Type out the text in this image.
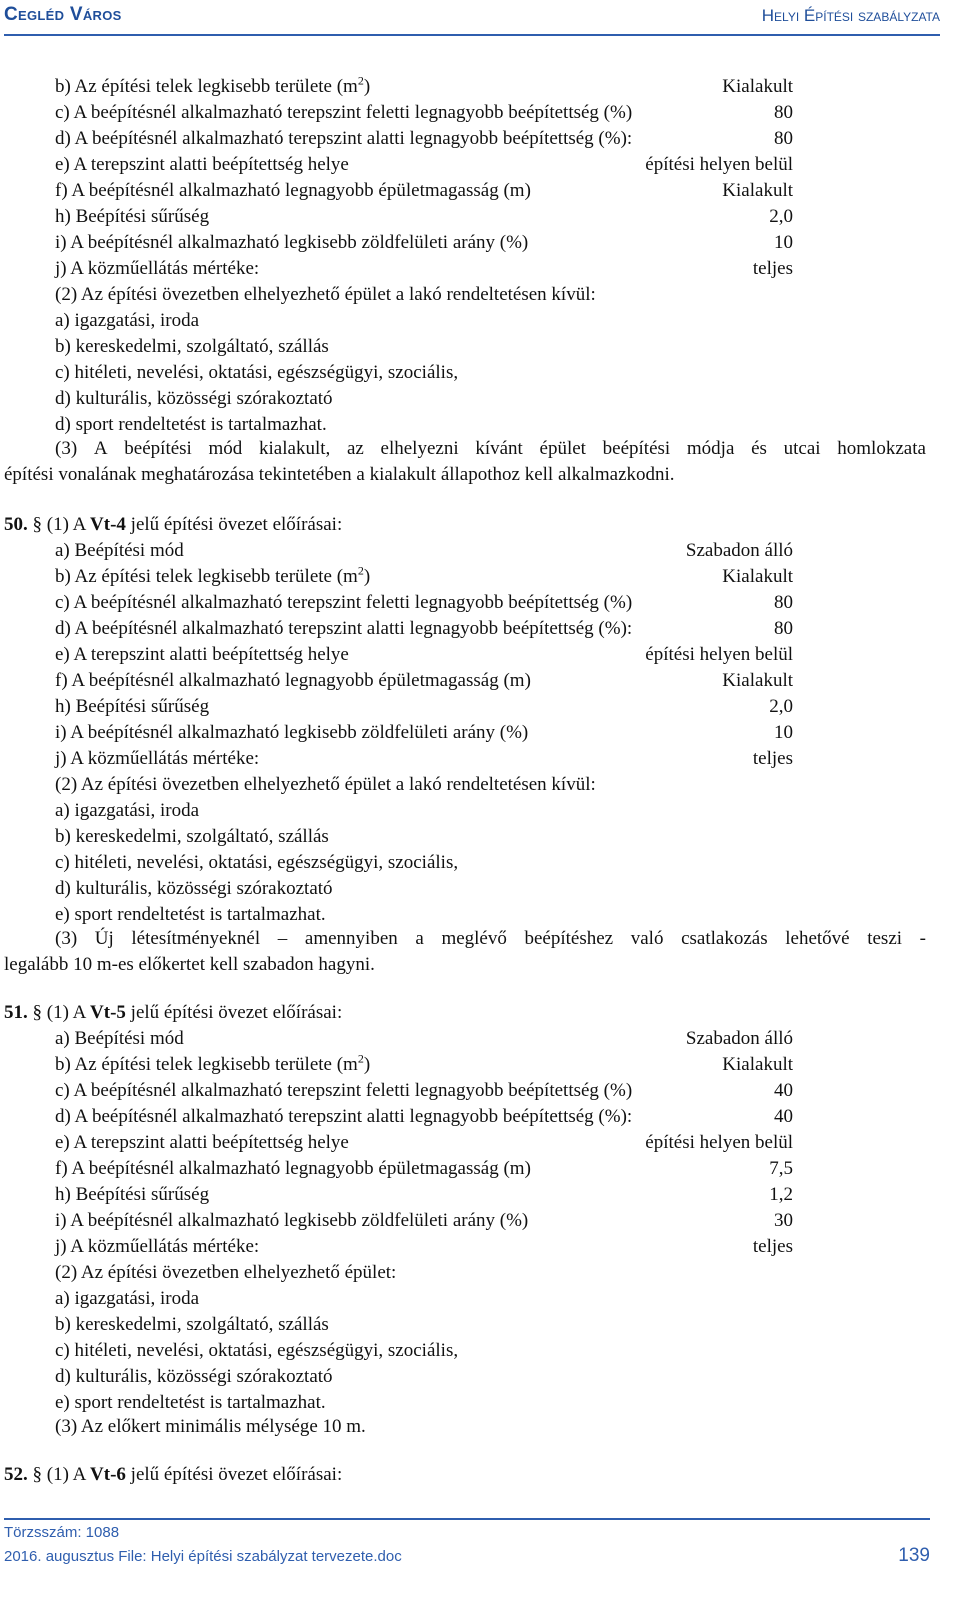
Cegléd Város	Helyi Építési szabályzata
b) Az építési telek legkisebb területe $(m^2)$	Kialakult
c) A beépítésnél alkalmazható terepszint feletti legnagyobb beépítettség (%)	80
d) A beépítésnél alkalmazható terepszint alatti legnagyobb beépítettség (%):	80
e) A terepszint alatti beépítettség helye	építési helyen belül
f) A beépítésnél alkalmazható legnagyobb épületmagasság (m)	Kialakult
h) Beépítési sűrűség	2,0
i) A beépítésnél alkalmazható legkisebb zöldfelületi arány (%)	10
j) A közműellátás mértéke:	teljes
(2) Az építési övezetben elhelyezhető épület a lakó rendeltetésen kívül:
a) igazgatási, iroda
b) kereskedelmi, szolgáltató, szállás
c) hitéleti, nevelési, oktatási, egészségügyi, szociális,
d) kulturális, közösségi szórakoztató
d) sport rendeltetést is tartalmazhat.
(3) A beépítési mód kialakult, az elhelyezni kívánt épület beépítési módja és utcai homlokzata
építési vonalának meghatározása tekintetében a kialakult állapothoz kell alkalmazkodni.
50. § (1) A Vt-4 jelű építési övezet előírásai:
a) Beépítési mód	Szabadon álló
b) Az építési telek legkisebb területe $(m^2)$	Kialakult
c) A beépítésnél alkalmazható terepszint feletti legnagyobb beépítettség (%)	80
d) A beépítésnél alkalmazható terepszint alatti legnagyobb beépítettség (%):	80
e) A terepszint alatti beépítettség helye	építési helyen belül
f) A beépítésnél alkalmazható legnagyobb épületmagasság (m)	Kialakult
h) Beépítési sűrűség	2,0
i) A beépítésnél alkalmazható legkisebb zöldfelületi arány (%)	10
j) A közműellátás mértéke:	teljes
(2) Az építési övezetben elhelyezhető épület a lakó rendeltetésen kívül:
a) igazgatási, iroda
b) kereskedelmi, szolgáltató, szállás
c) hitéleti, nevelési, oktatási, egészségügyi, szociális,
d) kulturális, közösségi szórakoztató
e) sport rendeltetést is tartalmazhat.
(3) Új létesítményeknél – amennyiben a meglévő beépítéshez való csatlakozás lehetővé teszi -
legalább 10 m-es előkertet kell szabadon hagyni.
51. § (1) A Vt-5 jelű építési övezet előírásai:
a) Beépítési mód	Szabadon álló
b) Az építési telek legkisebb területe $(m^2)$	Kialakult
c) A beépítésnél alkalmazható terepszint feletti legnagyobb beépítettség (%)	40
d) A beépítésnél alkalmazható terepszint alatti legnagyobb beépítettség (%):	40
e) A terepszint alatti beépítettség helye	építési helyen belül
f) A beépítésnél alkalmazható legnagyobb épületmagasság (m)	7,5
h) Beépítési sűrűség	1,2
i) A beépítésnél alkalmazható legkisebb zöldfelületi arány (%)	30
j) A közműellátás mértéke:	teljes
(2) Az építési övezetben elhelyezhető épület:
a) igazgatási, iroda
b) kereskedelmi, szolgáltató, szállás
c) hitéleti, nevelési, oktatási, egészségügyi, szociális,
d) kulturális, közösségi szórakoztató
e) sport rendeltetést is tartalmazhat.
(3) Az előkert minimális mélysége 10 m.
52. § (1) A Vt-6 jelű építési övezet előírásai:
Törzsszám: 1088
2016. augusztus File: Helyi építési szabályzat tervezete.doc	139
